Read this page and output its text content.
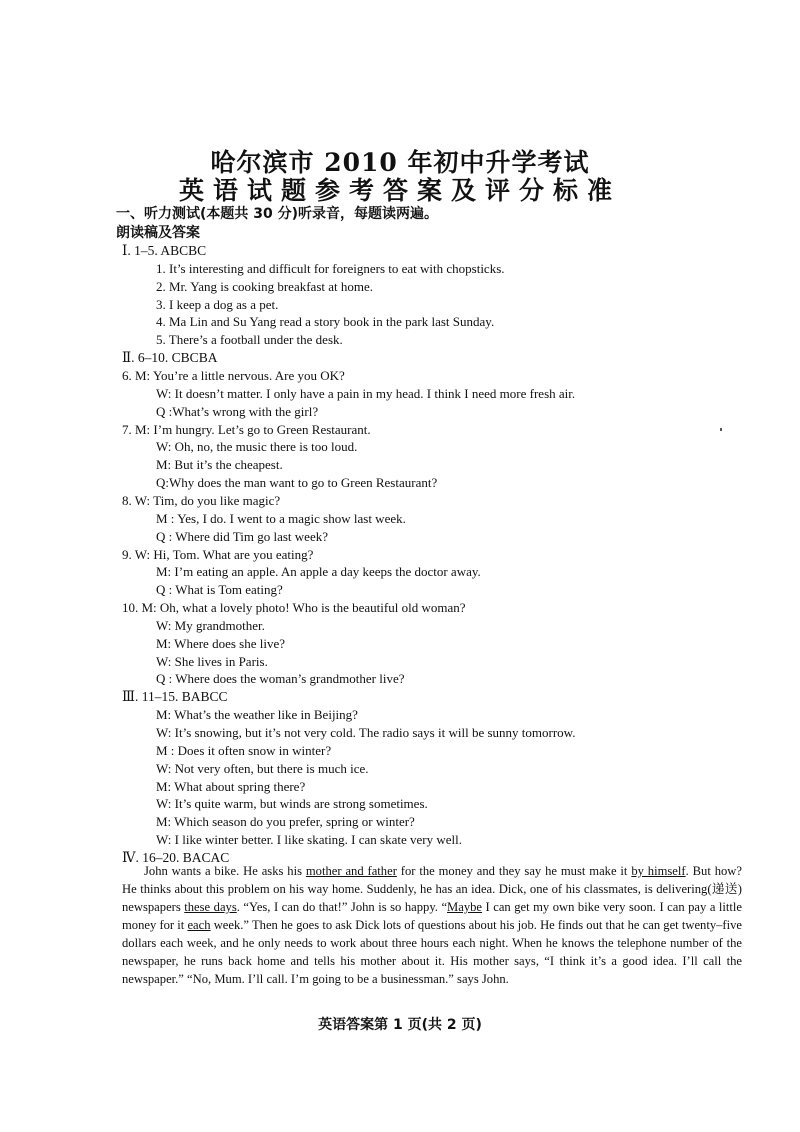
哈尔滨市 2010 年初中升学考试
英语试题参考答案及评分标准
一、听力测试(本题共 30 分)听录音，每题读两遍。
朗读稿及答案
Ⅰ. 1–5. ABCBC
1. It’s interesting and difficult for foreigners to eat with chopsticks.
2. Mr. Yang is cooking breakfast at home.
3. I keep a dog as a pet.
4. Ma Lin and Su Yang read a story book in the park last Sunday.
5. There’s a football under the desk.
Ⅱ. 6–10. CBCBA
6. M: You’re a little nervous. Are you OK?
W: It doesn’t matter. I only have a pain in my head. I think I need more fresh air.
Q :What’s wrong with the girl?
7. M: I’m hungry. Let’s go to Green Restaurant.
W: Oh, no, the music there is too loud.
M: But it’s the cheapest.
Q:Why does the man want to go to Green Restaurant?
8. W: Tim, do you like magic?
M : Yes, I do. I went to a magic show last week.
Q : Where did Tim go last week?
9. W: Hi, Tom. What are you eating?
M: I’m eating an apple. An apple a day keeps the doctor away.
Q : What is Tom eating?
10. M: Oh, what a lovely photo! Who is the beautiful old woman?
W: My grandmother.
M: Where does she live?
W: She lives in Paris.
Q : Where does the woman’s grandmother live?
Ⅲ. 11–15. BABCC
M: What’s the weather like in Beijing?
W: It’s snowing, but it’s not very cold. The radio says it will be sunny tomorrow.
M : Does it often snow in winter?
W: Not very often, but there is much ice.
M: What about spring there?
W: It’s quite warm, but winds are strong sometimes.
M: Which season do you prefer, spring or winter?
W: I like winter better. I like skating. I can skate very well.
Ⅳ. 16–20. BACAC
John wants a bike. He asks his mother and father for the money and they say he must make it by himself. But how? He thinks about this problem on his way home. Suddenly, he has an idea. Dick, one of his classmates, is delivering(递送) newspapers these days. “Yes, I can do that!” John is so happy. “Maybe I can get my own bike very soon. I can pay a little money for it each week.” Then he goes to ask Dick lots of questions about his job. He finds out that he can get twenty–five dollars each week, and he only needs to work about three hours each night. When he knows the telephone number of the newspaper, he runs back home and tells his mother about it. His mother says, “I think it’s a good idea. I’ll call the newspaper.” “No, Mum. I’ll call. I’m going to be a businessman.” says John.
英语答案第 1 页(共 2 页)
